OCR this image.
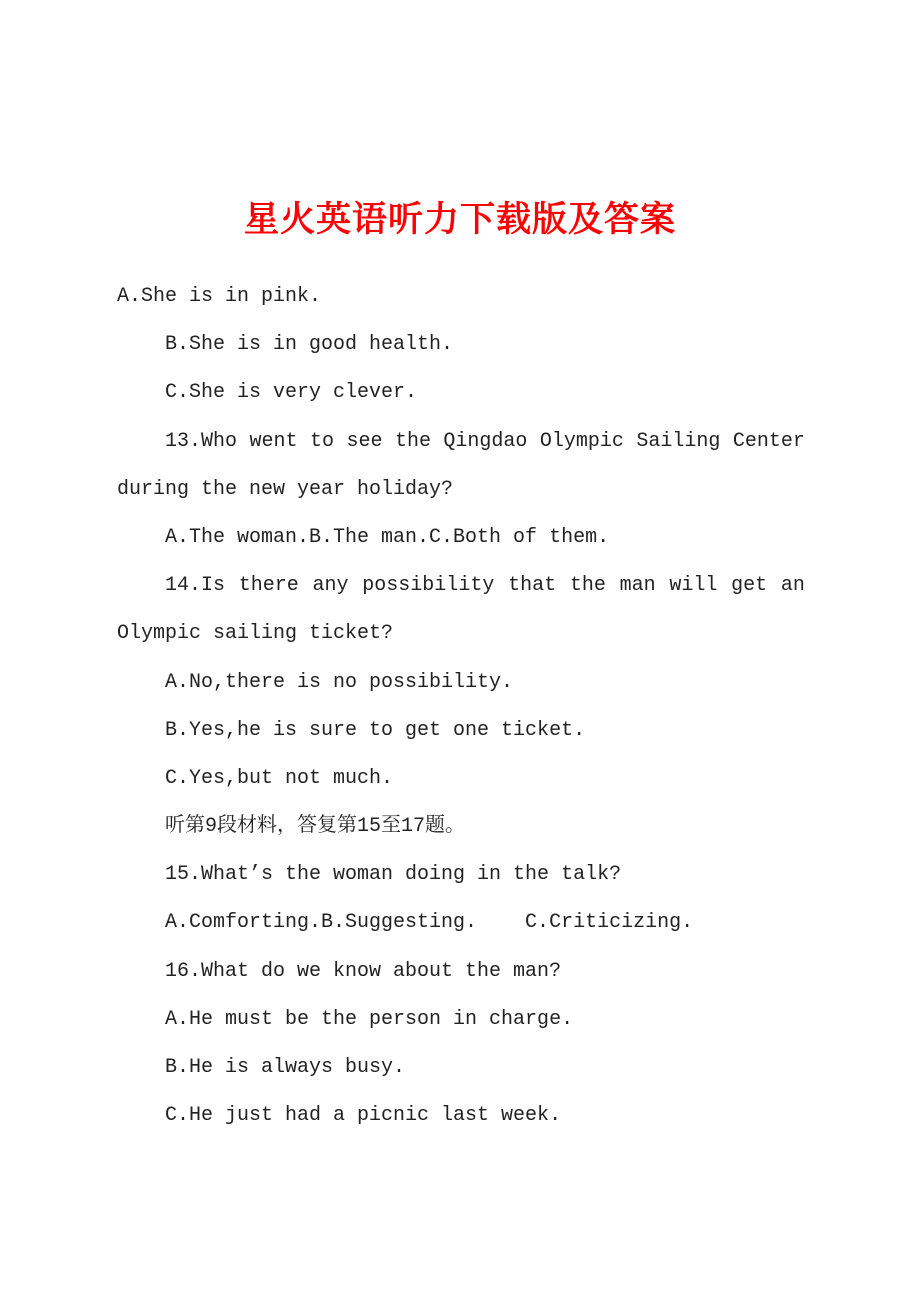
星火英语听力下载版及答案
A.She is in pink.
B.She is in good health.
C.She is very clever.
13.Who went to see the Qingdao Olympic Sailing Center
during the new year holiday?
A.The woman.B.The man.C.Both of them.
14.Is there any possibility that the man will get an
Olympic sailing ticket?
A.No,there is no possibility.
B.Yes,he is sure to get one ticket.
C.Yes,but not much.
听第9段材料，答复第15至17题。
15.What’s the woman doing in the talk?
A.Comforting.B.Suggesting.    C.Criticizing.
16.What do we know about the man?
A.He must be the person in charge.
B.He is always busy.
C.He just had a picnic last week.
